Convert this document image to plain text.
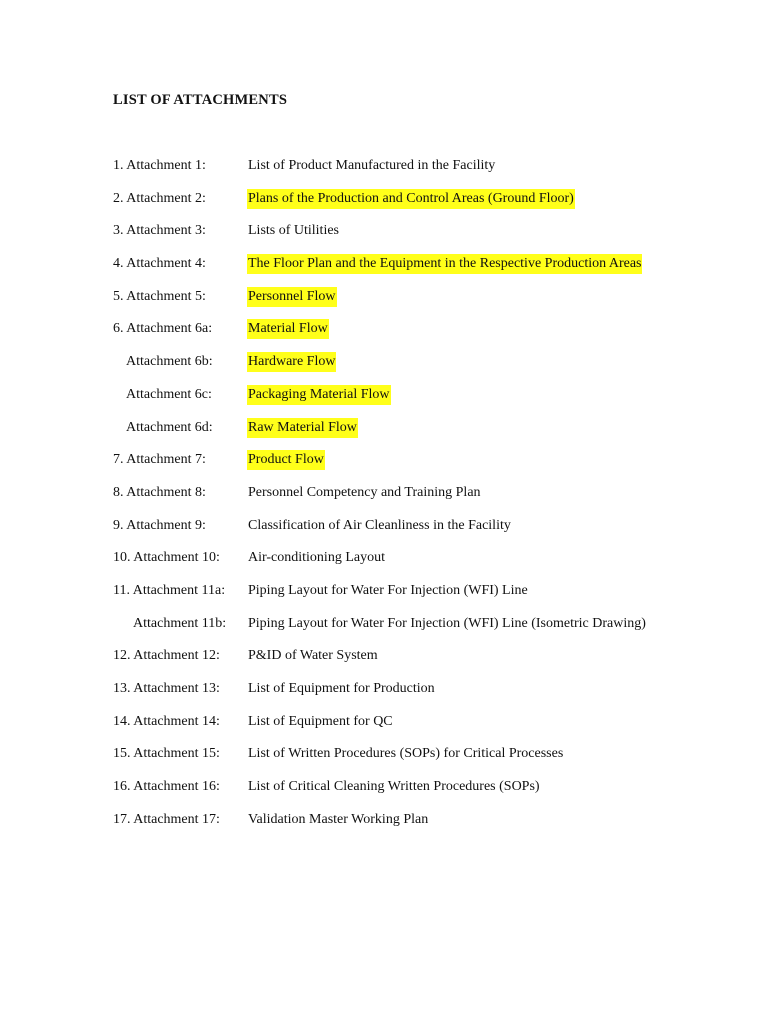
LIST OF ATTACHMENTS
1. Attachment 1:	List of Product Manufactured in the Facility
2. Attachment 2:	Plans of the Production and Control Areas (Ground Floor)
3. Attachment 3:	Lists of Utilities
4. Attachment 4:	The Floor Plan and the Equipment in the Respective Production Areas
5. Attachment 5:	Personnel Flow
6. Attachment 6a:	Material Flow
Attachment 6b:	Hardware Flow
Attachment 6c:	Packaging Material Flow
Attachment 6d:	Raw Material Flow
7. Attachment 7:	Product Flow
8. Attachment 8:	Personnel Competency and Training Plan
9. Attachment 9:	Classification of Air Cleanliness in the Facility
10. Attachment 10: Air-conditioning Layout
11. Attachment 11a: Piping Layout for Water For Injection (WFI) Line
Attachment 11b: Piping Layout for Water For Injection (WFI) Line (Isometric Drawing)
12. Attachment 12: P&ID of Water System
13. Attachment 13: List of Equipment for Production
14. Attachment 14: List of Equipment for QC
15. Attachment 15: List of Written Procedures (SOPs) for Critical Processes
16. Attachment 16: List of Critical Cleaning Written Procedures (SOPs)
17. Attachment 17: Validation Master Working Plan
